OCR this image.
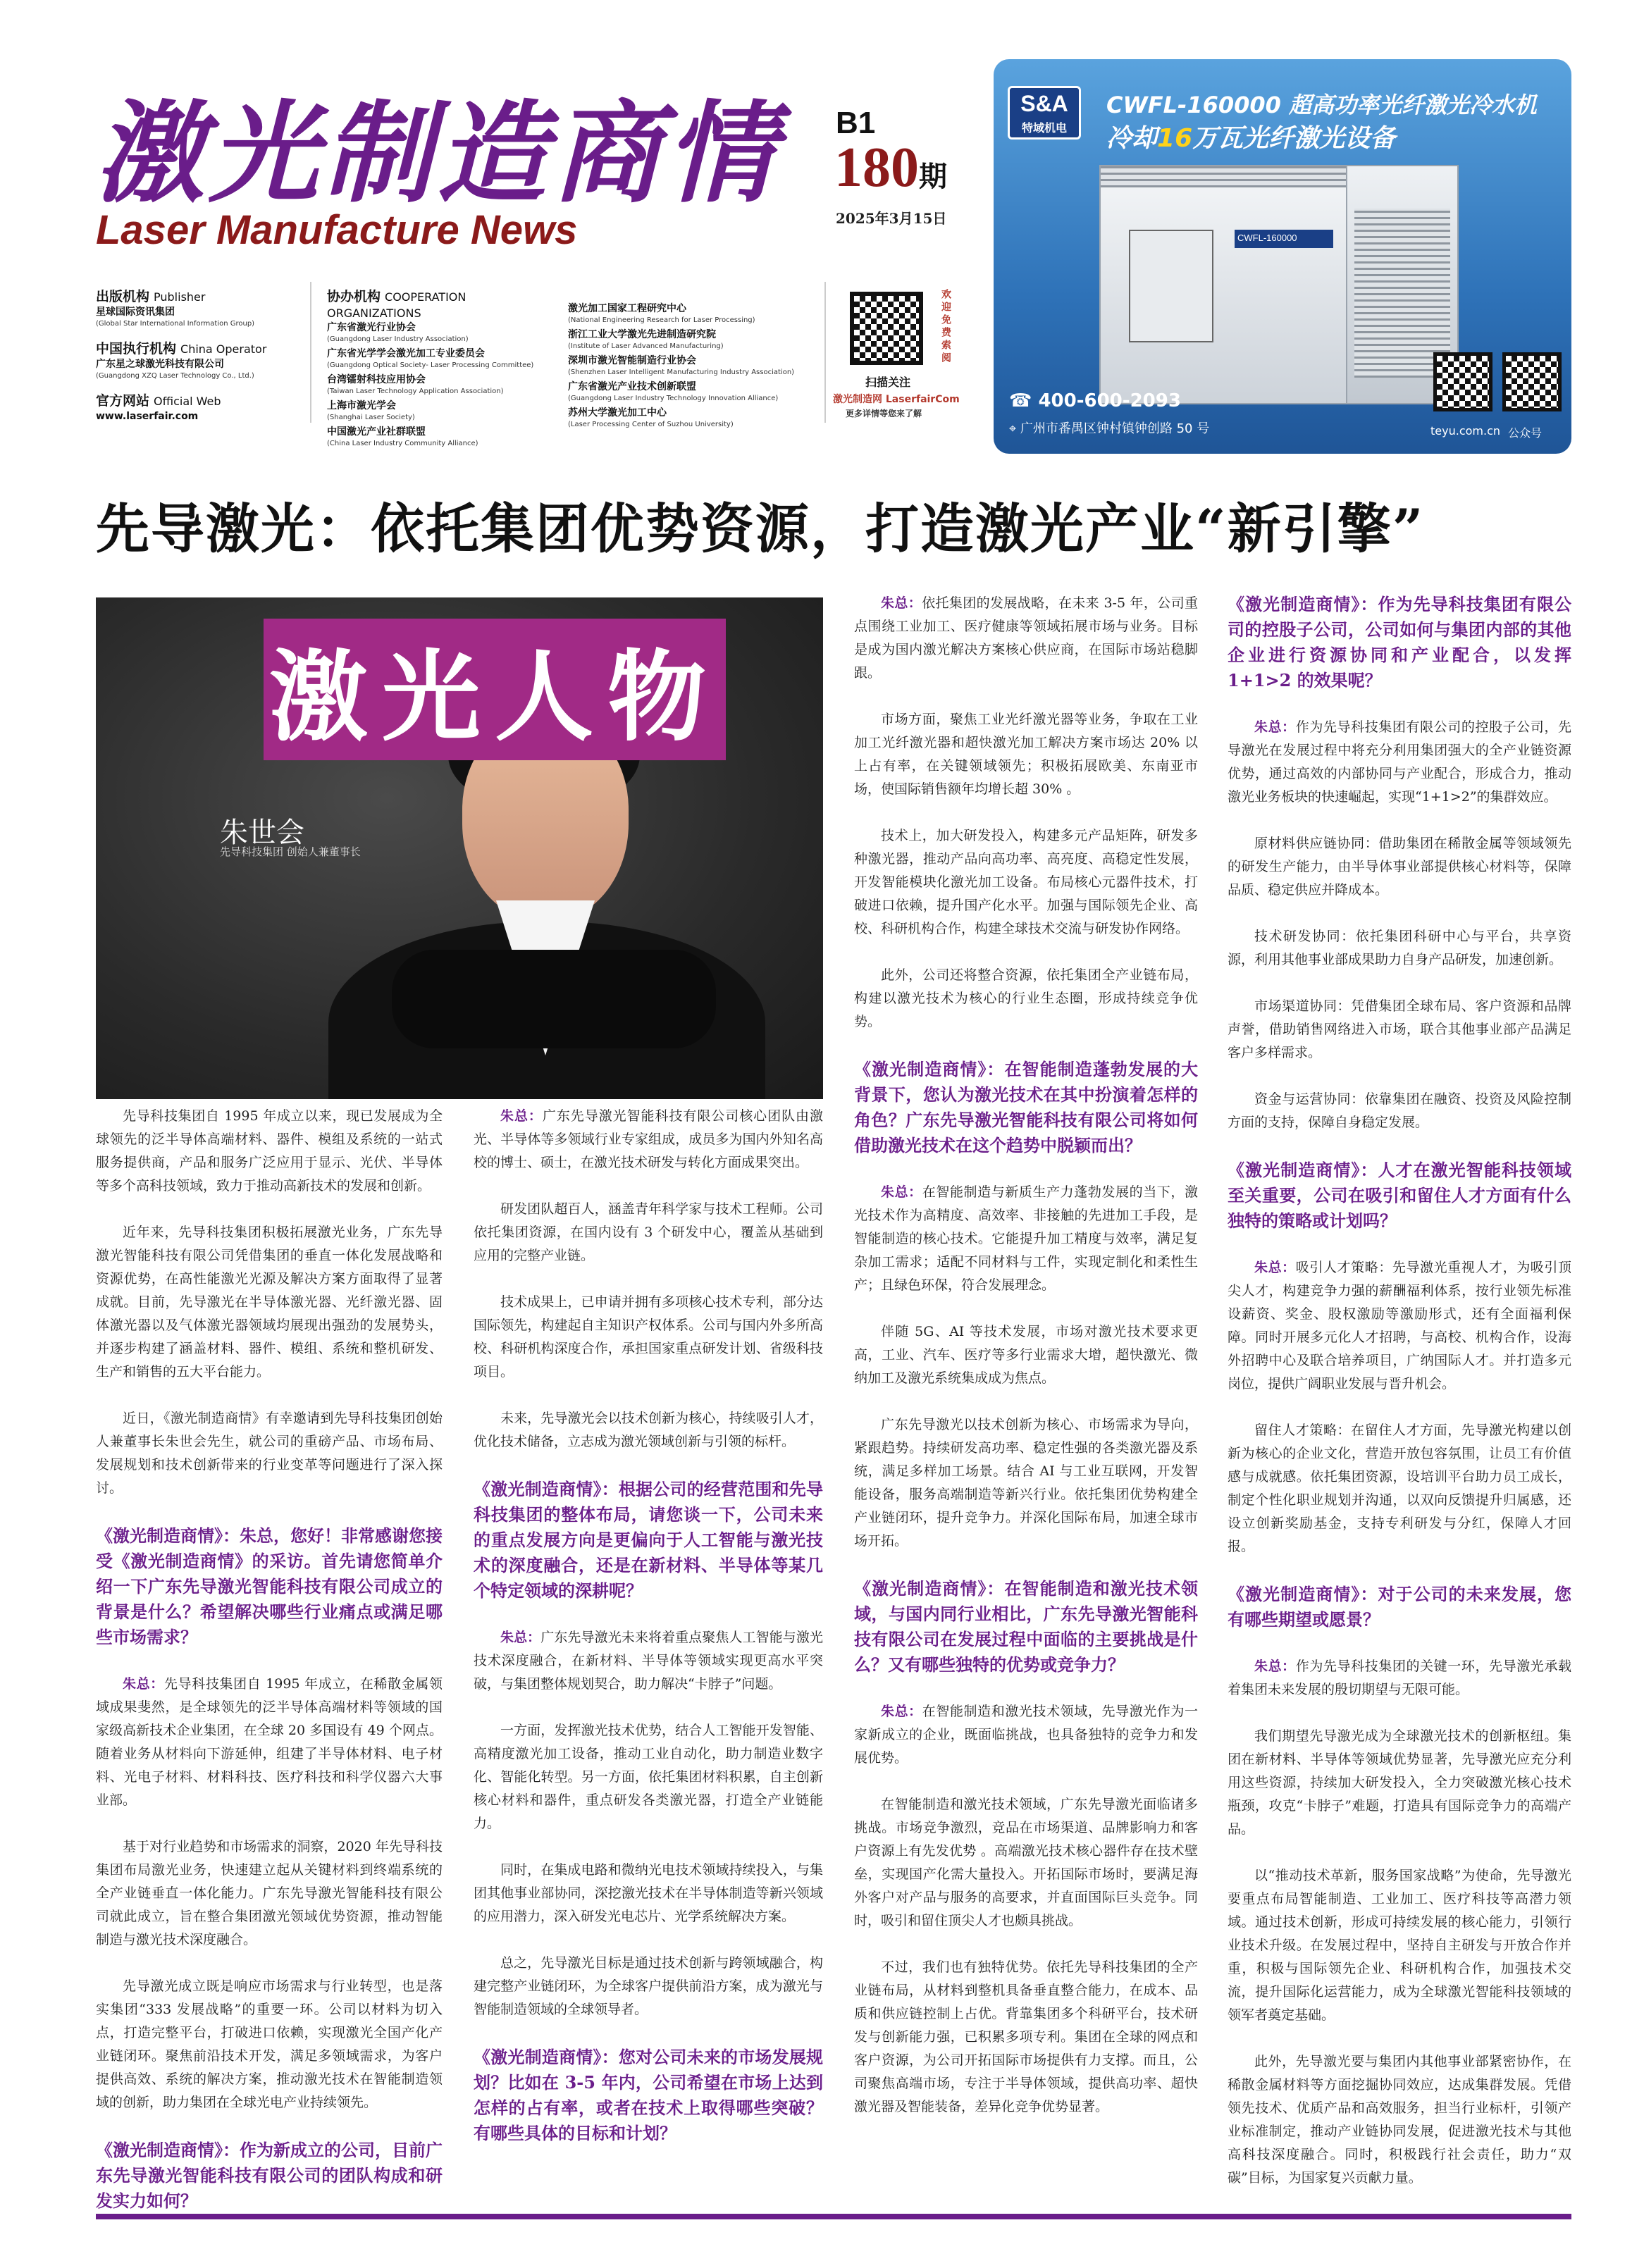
激光制造商情
Laser Manufacture News
B1
180期
2025年3月15日
出版机构 Publisher
星球国际资讯集团
(Global Star International Information Group)
中国执行机构 China Operator
广东星之球激光科技有限公司
(Guangdong XZQ Laser Technology Co., Ltd.)
官方网站 Official Web
www.laserfair.com
协办机构 COOPERATION ORGANIZATIONS
广东省激光行业协会
(Guangdong Laser Industry Association)
广东省光学学会激光加工专业委员会
(Guangdong Optical Society- Laser Processing Committee)
台湾镭射科技应用协会
(Taiwan Laser Technology Application Association)
上海市激光学会
(Shanghai Laser Society)
中国激光产业社群联盟
(China Laser Industry Community Alliance)
激光加工国家工程研究中心
(National Engineering Research for Laser Processing)
浙江工业大学激光先进制造研究院
(Institute of Laser Advanced Manufacturing)
深圳市激光智能制造行业协会
(Shenzhen Laser Intelligent Manufacturing Industry Association)
广东省激光产业技术创新联盟
(Guangdong Laser Industry Technology Innovation Alliance)
苏州大学激光加工中心
(Laser Processing Center of Suzhou University)
欢迎免费索阅
扫描关注
激光制造网 LaserfairCom
更多详情等您来了解
S&A
特域机电
CWFL-160000 超高功率光纤激光冷水机
冷却16万瓦光纤激光设备
CWFL-160000
☎ 400-600-2093
⌖ 广州市番禺区钟村镇钟创路 50 号	teyu.com.cn 公众号
先导激光：依托集团优势资源，打造激光产业“新引擎”
激光人物
朱世会
先导科技集团 创始人兼董事长

先导科技集团自 1995 年成立以来，现已发展成为全球领先的泛半导体高端材料、器件、模组及系统的一站式服务提供商，产品和服务广泛应用于显示、光伏、半导体等多个高科技领域，致力于推动高新技术的发展和创新。

近年来，先导科技集团积极拓展激光业务，广东先导激光智能科技有限公司凭借集团的垂直一体化发展战略和资源优势，在高性能激光光源及解决方案方面取得了显著成就。目前，先导激光在半导体激光器、光纤激光器、固体激光器以及气体激光器领域均展现出强劲的发展势头，并逐步构建了涵盖材料、器件、模组、系统和整机研发、生产和销售的五大平台能力。

近日，《激光制造商情》有幸邀请到先导科技集团创始人兼董事长朱世会先生，就公司的重磅产品、市场布局、发展规划和技术创新带来的行业变革等问题进行了深入探讨。

《激光制造商情》：朱总，您好！非常感谢您接受《激光制造商情》的采访。首先请您简单介绍一下广东先导激光智能科技有限公司成立的背景是什么？希望解决哪些行业痛点或满足哪些市场需求？

朱总：先导科技集团自 1995 年成立，在稀散金属领域成果斐然，是全球领先的泛半导体高端材料等领域的国家级高新技术企业集团，在全球 20 多国设有 49 个网点。随着业务从材料向下游延伸，组建了半导体材料、电子材料、光电子材料、材料科技、医疗科技和科学仪器六大事业部。

基于对行业趋势和市场需求的洞察，2020 年先导科技集团布局激光业务，快速建立起从关键材料到终端系统的全产业链垂直一体化能力。广东先导激光智能科技有限公司就此成立，旨在整合集团激光领域优势资源，推动智能制造与激光技术深度融合。

先导激光成立既是响应市场需求与行业转型，也是落实集团“333 发展战略”的重要一环。公司以材料为切入点，打造完整平台，打破进口依赖，实现激光全国产化产业链闭环。聚焦前沿技术开发，满足多领域需求，为客户提供高效、系统的解决方案，推动激光技术在智能制造领域的创新，助力集团在全球光电产业持续领先。

《激光制造商情》：作为新成立的公司，目前广东先导激光智能科技有限公司的团队构成和研发实力如何？

朱总：广东先导激光智能科技有限公司核心团队由激光、半导体等多领域行业专家组成，成员多为国内外知名高校的博士、硕士，在激光技术研发与转化方面成果突出。

研发团队超百人，涵盖青年科学家与技术工程师。公司依托集团资源，在国内设有 3 个研发中心，覆盖从基础到应用的完整产业链。

技术成果上，已申请并拥有多项核心技术专利，部分达国际领先，构建起自主知识产权体系。公司与国内外多所高校、科研机构深度合作，承担国家重点研发计划、省级科技项目。

未来，先导激光会以技术创新为核心，持续吸引人才，优化技术储备，立志成为激光领域创新与引领的标杆。

《激光制造商情》：根据公司的经营范围和先导科技集团的整体布局，请您谈一下，公司未来的重点发展方向是更偏向于人工智能与激光技术的深度融合，还是在新材料、半导体等某几个特定领域的深耕呢？

朱总：广东先导激光未来将着重点聚焦人工智能与激光技术深度融合，在新材料、半导体等领域实现更高水平突破，与集团整体规划契合，助力解决“卡脖子”问题。

一方面，发挥激光技术优势，结合人工智能开发智能、高精度激光加工设备，推动工业自动化，助力制造业数字化、智能化转型。另一方面，依托集团材料积累，自主创新核心材料和器件，重点研发各类激光器，打造全产业链能力。

同时，在集成电路和微纳光电技术领域持续投入，与集团其他事业部协同，深挖激光技术在半导体制造等新兴领域的应用潜力，深入研发光电芯片、光学系统解决方案。

总之，先导激光目标是通过技术创新与跨领域融合，构建完整产业链闭环，为全球客户提供前沿方案，成为激光与智能制造领域的全球领导者。

《激光制造商情》：您对公司未来的市场发展规划？比如在 3-5 年内，公司希望在市场上达到怎样的占有率，或者在技术上取得哪些突破？有哪些具体的目标和计划？

朱总：依托集团的发展战略，在未来 3-5 年，公司重点围绕工业加工、医疗健康等领域拓展市场与业务。目标是成为国内激光解决方案核心供应商，在国际市场站稳脚跟。

市场方面，聚焦工业光纤激光器等业务，争取在工业加工光纤激光器和超快激光加工解决方案市场达 20% 以上占有率，在关键领域领先；积极拓展欧美、东南亚市场，使国际销售额年均增长超 30% 。

技术上，加大研发投入，构建多元产品矩阵，研发多种激光器，推动产品向高功率、高亮度、高稳定性发展，开发智能模块化激光加工设备。布局核心元器件技术，打破进口依赖，提升国产化水平。加强与国际领先企业、高校、科研机构合作，构建全球技术交流与研发协作网络。

此外，公司还将整合资源，依托集团全产业链布局，构建以激光技术为核心的行业生态圈，形成持续竞争优势。

《激光制造商情》：在智能制造蓬勃发展的大背景下，您认为激光技术在其中扮演着怎样的角色？广东先导激光智能科技有限公司将如何借助激光技术在这个趋势中脱颖而出？

朱总：在智能制造与新质生产力蓬勃发展的当下，激光技术作为高精度、高效率、非接触的先进加工手段，是智能制造的核心技术。它能提升加工精度与效率，满足复杂加工需求；适配不同材料与工件，实现定制化和柔性生产；且绿色环保，符合发展理念。

伴随 5G、AI 等技术发展，市场对激光技术要求更高，工业、汽车、医疗等多行业需求大增，超快激光、微纳加工及激光系统集成成为焦点。

广东先导激光以技术创新为核心、市场需求为导向，紧跟趋势。持续研发高功率、稳定性强的各类激光器及系统，满足多样加工场景。结合 AI 与工业互联网，开发智能设备，服务高端制造等新兴行业。依托集团优势构建全产业链闭环，提升竞争力。并深化国际布局，加速全球市场开拓。

《激光制造商情》：在智能制造和激光技术领域，与国内同行业相比，广东先导激光智能科技有限公司在发展过程中面临的主要挑战是什么？又有哪些独特的优势或竞争力？

朱总：在智能制造和激光技术领域，先导激光作为一家新成立的企业，既面临挑战，也具备独特的竞争力和发展优势。

在智能制造和激光技术领域，广东先导激光面临诸多挑战。市场竞争激烈，竞品在市场渠道、品牌影响力和客户资源上有先发优势 。高端激光技术核心器件存在技术壁垒，实现国产化需大量投入。开拓国际市场时，要满足海外客户对产品与服务的高要求，并直面国际巨头竞争。同时，吸引和留住顶尖人才也颇具挑战。

不过，我们也有独特优势。依托先导科技集团的全产业链布局，从材料到整机具备垂直整合能力，在成本、品质和供应链控制上占优。背靠集团多个科研平台，技术研发与创新能力强，已积累多项专利。集团在全球的网点和客户资源，为公司开拓国际市场提供有力支撑。而且，公司聚焦高端市场，专注于半导体领域，提供高功率、超快激光器及智能装备，差异化竞争优势显著。

《激光制造商情》：作为先导科技集团有限公司的控股子公司，公司如何与集团内部的其他企业进行资源协同和产业配合，以发挥 1+1>2 的效果呢？

朱总：作为先导科技集团有限公司的控股子公司，先导激光在发展过程中将充分利用集团强大的全产业链资源优势，通过高效的内部协同与产业配合，形成合力，推动激光业务板块的快速崛起，实现“1+1>2”的集群效应。

原材料供应链协同：借助集团在稀散金属等领域领先的研发生产能力，由半导体事业部提供核心材料等，保障品质、稳定供应并降成本。

技术研发协同：依托集团科研中心与平台，共享资源，利用其他事业部成果助力自身产品研发，加速创新。

市场渠道协同：凭借集团全球布局、客户资源和品牌声誉，借助销售网络进入市场，联合其他事业部产品满足客户多样需求。

资金与运营协同：依靠集团在融资、投资及风险控制方面的支持，保障自身稳定发展。

《激光制造商情》：人才在激光智能科技领域至关重要，公司在吸引和留住人才方面有什么独特的策略或计划吗？

朱总：吸引人才策略：先导激光重视人才，为吸引顶尖人才，构建竞争力强的薪酬福利体系，按行业领先标准设薪资、奖金、股权激励等激励形式，还有全面福利保障。同时开展多元化人才招聘，与高校、机构合作，设海外招聘中心及联合培养项目，广纳国际人才。并打造多元岗位，提供广阔职业发展与晋升机会。

留住人才策略：在留住人才方面，先导激光构建以创新为核心的企业文化，营造开放包容氛围，让员工有价值感与成就感。依托集团资源，设培训平台助力员工成长，制定个性化职业规划并沟通，以双向反馈提升归属感，还设立创新奖励基金，支持专利研发与分红，保障人才回报。

《激光制造商情》：对于公司的未来发展，您有哪些期望或愿景？

朱总：作为先导科技集团的关键一环，先导激光承载着集团未来发展的殷切期望与无限可能。

我们期望先导激光成为全球激光技术的创新枢纽。集团在新材料、半导体等领域优势显著，先导激光应充分利用这些资源，持续加大研发投入，全力突破激光核心技术瓶颈，攻克“卡脖子”难题，打造具有国际竞争力的高端产品。

以“推动技术革新，服务国家战略”为使命，先导激光要重点布局智能制造、工业加工、医疗科技等高潜力领域。通过技术创新，形成可持续发展的核心能力，引领行业技术升级。在发展过程中，坚持自主研发与开放合作并重，积极与国际领先企业、科研机构合作，加强技术交流，提升国际化运营能力，成为全球激光智能科技领域的领军者奠定基础。

此外，先导激光要与集团内其他事业部紧密协作，在稀散金属材料等方面挖掘协同效应，达成集群发展。凭借领先技术、优质产品和高效服务，担当行业标杆，引领产业标准制定，推动产业链协同发展，促进激光技术与其他高科技深度融合。同时，积极践行社会责任，助力“双碳”目标，为国家复兴贡献力量。
